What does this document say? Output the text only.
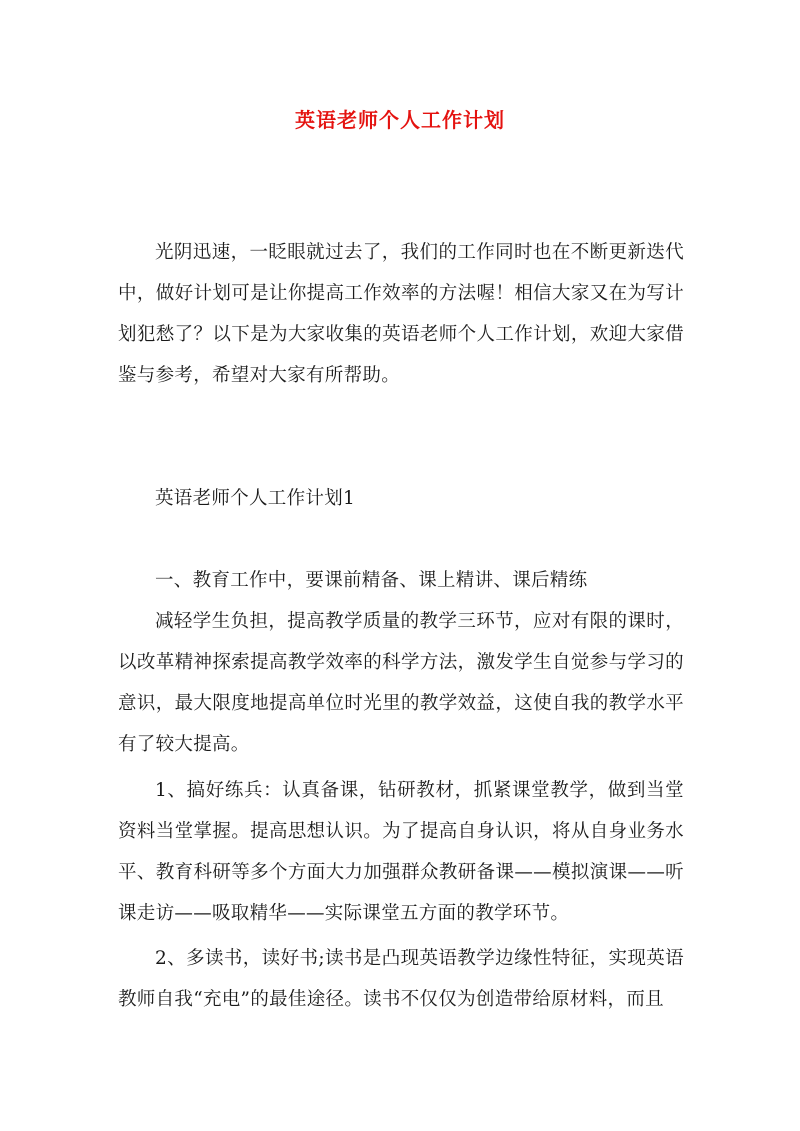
英语老师个人工作计划

光阴迅速，一眨眼就过去了，我们的工作同时也在不断更新迭代中，做好计划可是让你提高工作效率的方法喔！相信大家又在为写计划犯愁了？以下是为大家收集的英语老师个人工作计划，欢迎大家借鉴与参考，希望对大家有所帮助。

英语老师个人工作计划1

一、教育工作中，要课前精备、课上精讲、课后精练

减轻学生负担，提高教学质量的教学三环节，应对有限的课时，以改革精神探索提高教学效率的科学方法，激发学生自觉参与学习的意识，最大限度地提高单位时光里的教学效益，这使自我的教学水平有了较大提高。

1、搞好练兵：认真备课，钻研教材，抓紧课堂教学，做到当堂资料当堂掌握。提高思想认识。为了提高自身认识，将从自身业务水平、教育科研等多个方面大力加强群众教研备课——模拟演课——听课走访——吸取精华——实际课堂五方面的教学环节。

2、多读书，读好书;读书是凸现英语教学边缘性特征，实现英语教师自我“充电”的最佳途径。读书不仅仅为创造带给原材料，而且
